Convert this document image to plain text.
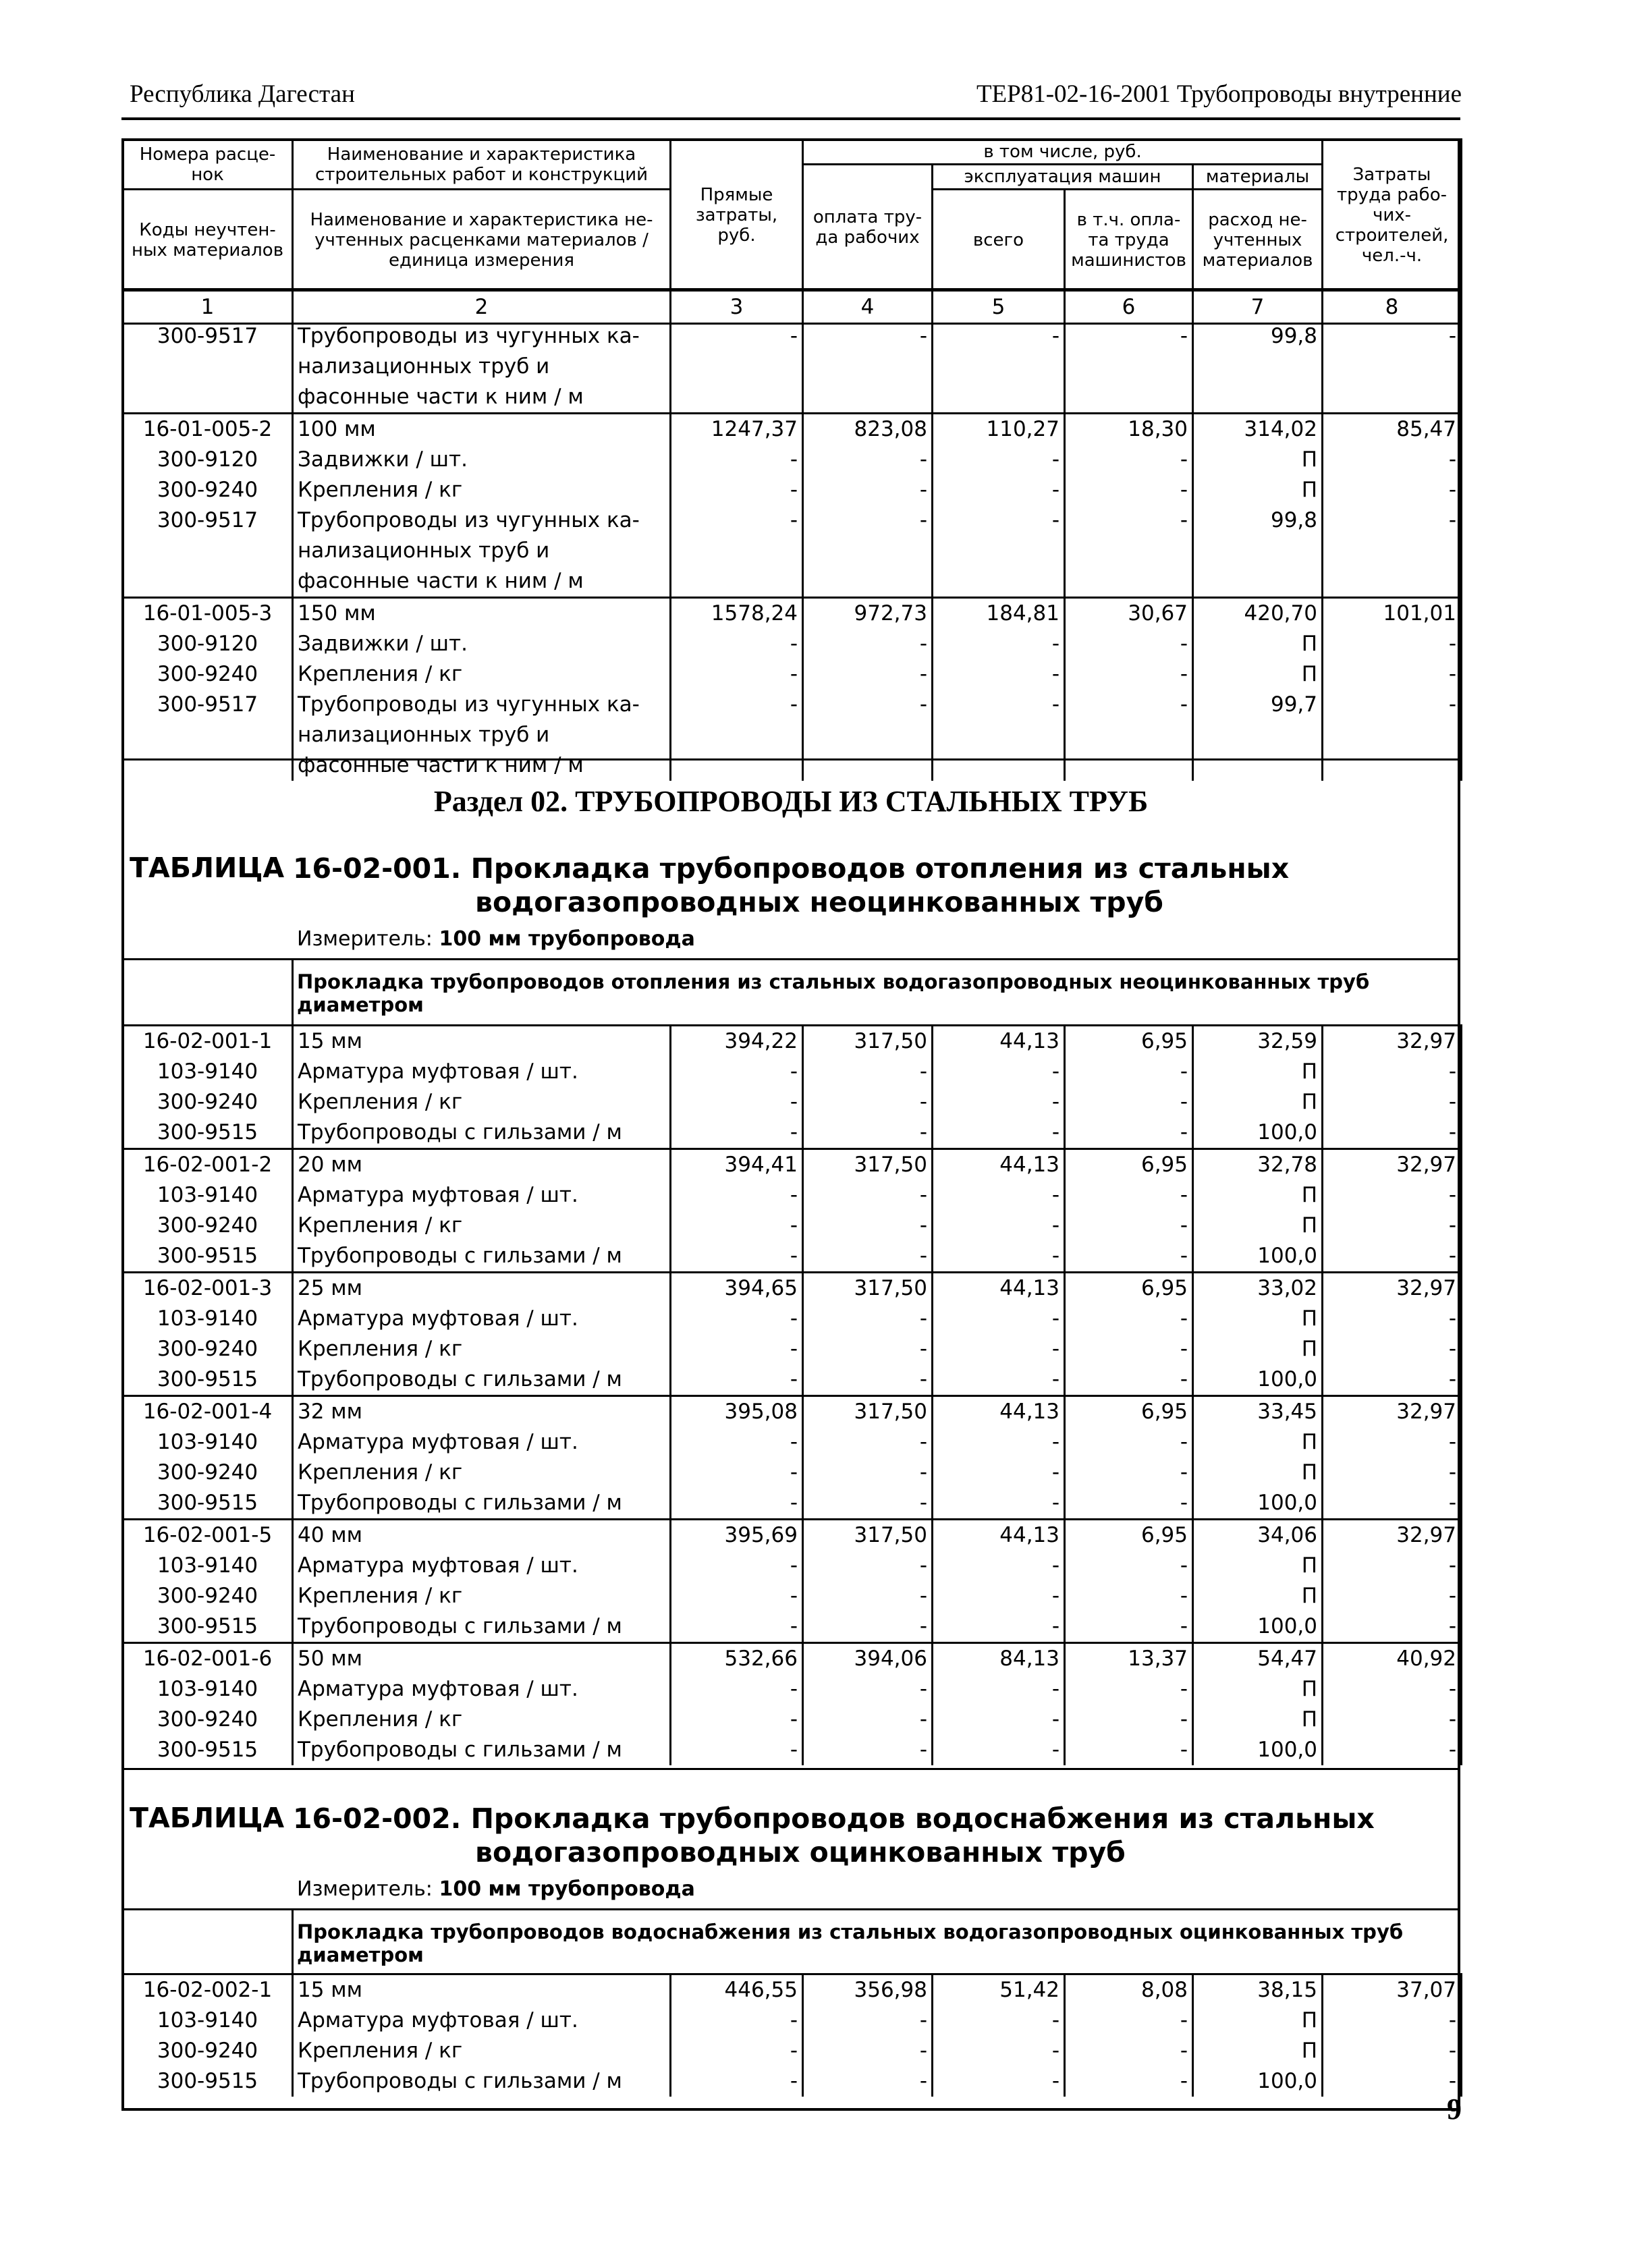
Республика Дагестан	ТЕР81-02-16-2001 Трубопроводы внутренние
Номера расце-нок	Наименование и характеристика строительных работ и конструкций	Прямые затраты, руб.	в том числе, руб.				Затраты труда рабо-чих-строителей, чел.-ч.
			оплата тру-да рабочих	эксплуатация машин		материалы	
Коды неучтен-ных материалов	Наименование и характеристика не-учтенных расценками материалов / единица измерения			всего	в т.ч. опла-та труда машинистов	расход не-учтенных материалов	

1	2	3	4	5	6	7	8
300-9517	Трубопроводы из чугунных ка-нализационных труб и фасонные части к ним / м	-	-	-	-	99,8	-
16-01-005-2	100 мм	1247,37	823,08	110,27	18,30	314,02	85,47
300-9120	Задвижки / шт.	-	-	-	-	П	-
300-9240	Крепления / кг	-	-	-	-	П	-
300-9517	Трубопроводы из чугунных ка-нализационных труб и фасонные части к ним / м	-	-	-	-	99,8	-
16-01-005-3	150 мм	1578,24	972,73	184,81	30,67	420,70	101,01
300-9120	Задвижки / шт.	-	-	-	-	П	-
300-9240	Крепления / кг	-	-	-	-	П	-
300-9517	Трубопроводы из чугунных ка-нализационных труб и фасонные части к ним / м	-	-	-	-	99,7	-
Раздел 02. ТРУБОПРОВОДЫ ИЗ СТАЛЬНЫХ ТРУБ
ТАБЛИЦА 16-02-001. Прокладка трубопроводов отопления из стальных
водогазопроводных неоцинкованных труб
Измеритель: 100 мм трубопровода
Прокладка трубопроводов отопления из стальных водогазопроводных неоцинкованных труб диаметром
16-02-001-1	15 мм	394,22	317,50	44,13	6,95	32,59	32,97
103-9140	Арматура муфтовая / шт.	-	-	-	-	П	-
300-9240	Крепления / кг	-	-	-	-	П	-
300-9515	Трубопроводы с гильзами / м	-	-	-	-	100,0	-
16-02-001-2	20 мм	394,41	317,50	44,13	6,95	32,78	32,97
103-9140	Арматура муфтовая / шт.	-	-	-	-	П	-
300-9240	Крепления / кг	-	-	-	-	П	-
300-9515	Трубопроводы с гильзами / м	-	-	-	-	100,0	-
16-02-001-3	25 мм	394,65	317,50	44,13	6,95	33,02	32,97
103-9140	Арматура муфтовая / шт.	-	-	-	-	П	-
300-9240	Крепления / кг	-	-	-	-	П	-
300-9515	Трубопроводы с гильзами / м	-	-	-	-	100,0	-
16-02-001-4	32 мм	395,08	317,50	44,13	6,95	33,45	32,97
103-9140	Арматура муфтовая / шт.	-	-	-	-	П	-
300-9240	Крепления / кг	-	-	-	-	П	-
300-9515	Трубопроводы с гильзами / м	-	-	-	-	100,0	-
16-02-001-5	40 мм	395,69	317,50	44,13	6,95	34,06	32,97
103-9140	Арматура муфтовая / шт.	-	-	-	-	П	-
300-9240	Крепления / кг	-	-	-	-	П	-
300-9515	Трубопроводы с гильзами / м	-	-	-	-	100,0	-
16-02-001-6	50 мм	532,66	394,06	84,13	13,37	54,47	40,92
103-9140	Арматура муфтовая / шт.	-	-	-	-	П	-
300-9240	Крепления / кг	-	-	-	-	П	-
300-9515	Трубопроводы с гильзами / м	-	-	-	-	100,0	-
ТАБЛИЦА 16-02-002. Прокладка трубопроводов водоснабжения из стальных
водогазопроводных оцинкованных труб
Измеритель: 100 мм трубопровода
Прокладка трубопроводов водоснабжения из стальных водогазопроводных оцинкованных труб диаметром
16-02-002-1	15 мм	446,55	356,98	51,42	8,08	38,15	37,07
103-9140	Арматура муфтовая / шт.	-	-	-	-	П	-
300-9240	Крепления / кг	-	-	-	-	П	-
300-9515	Трубопроводы с гильзами / м	-	-	-	-	100,0	-
9
